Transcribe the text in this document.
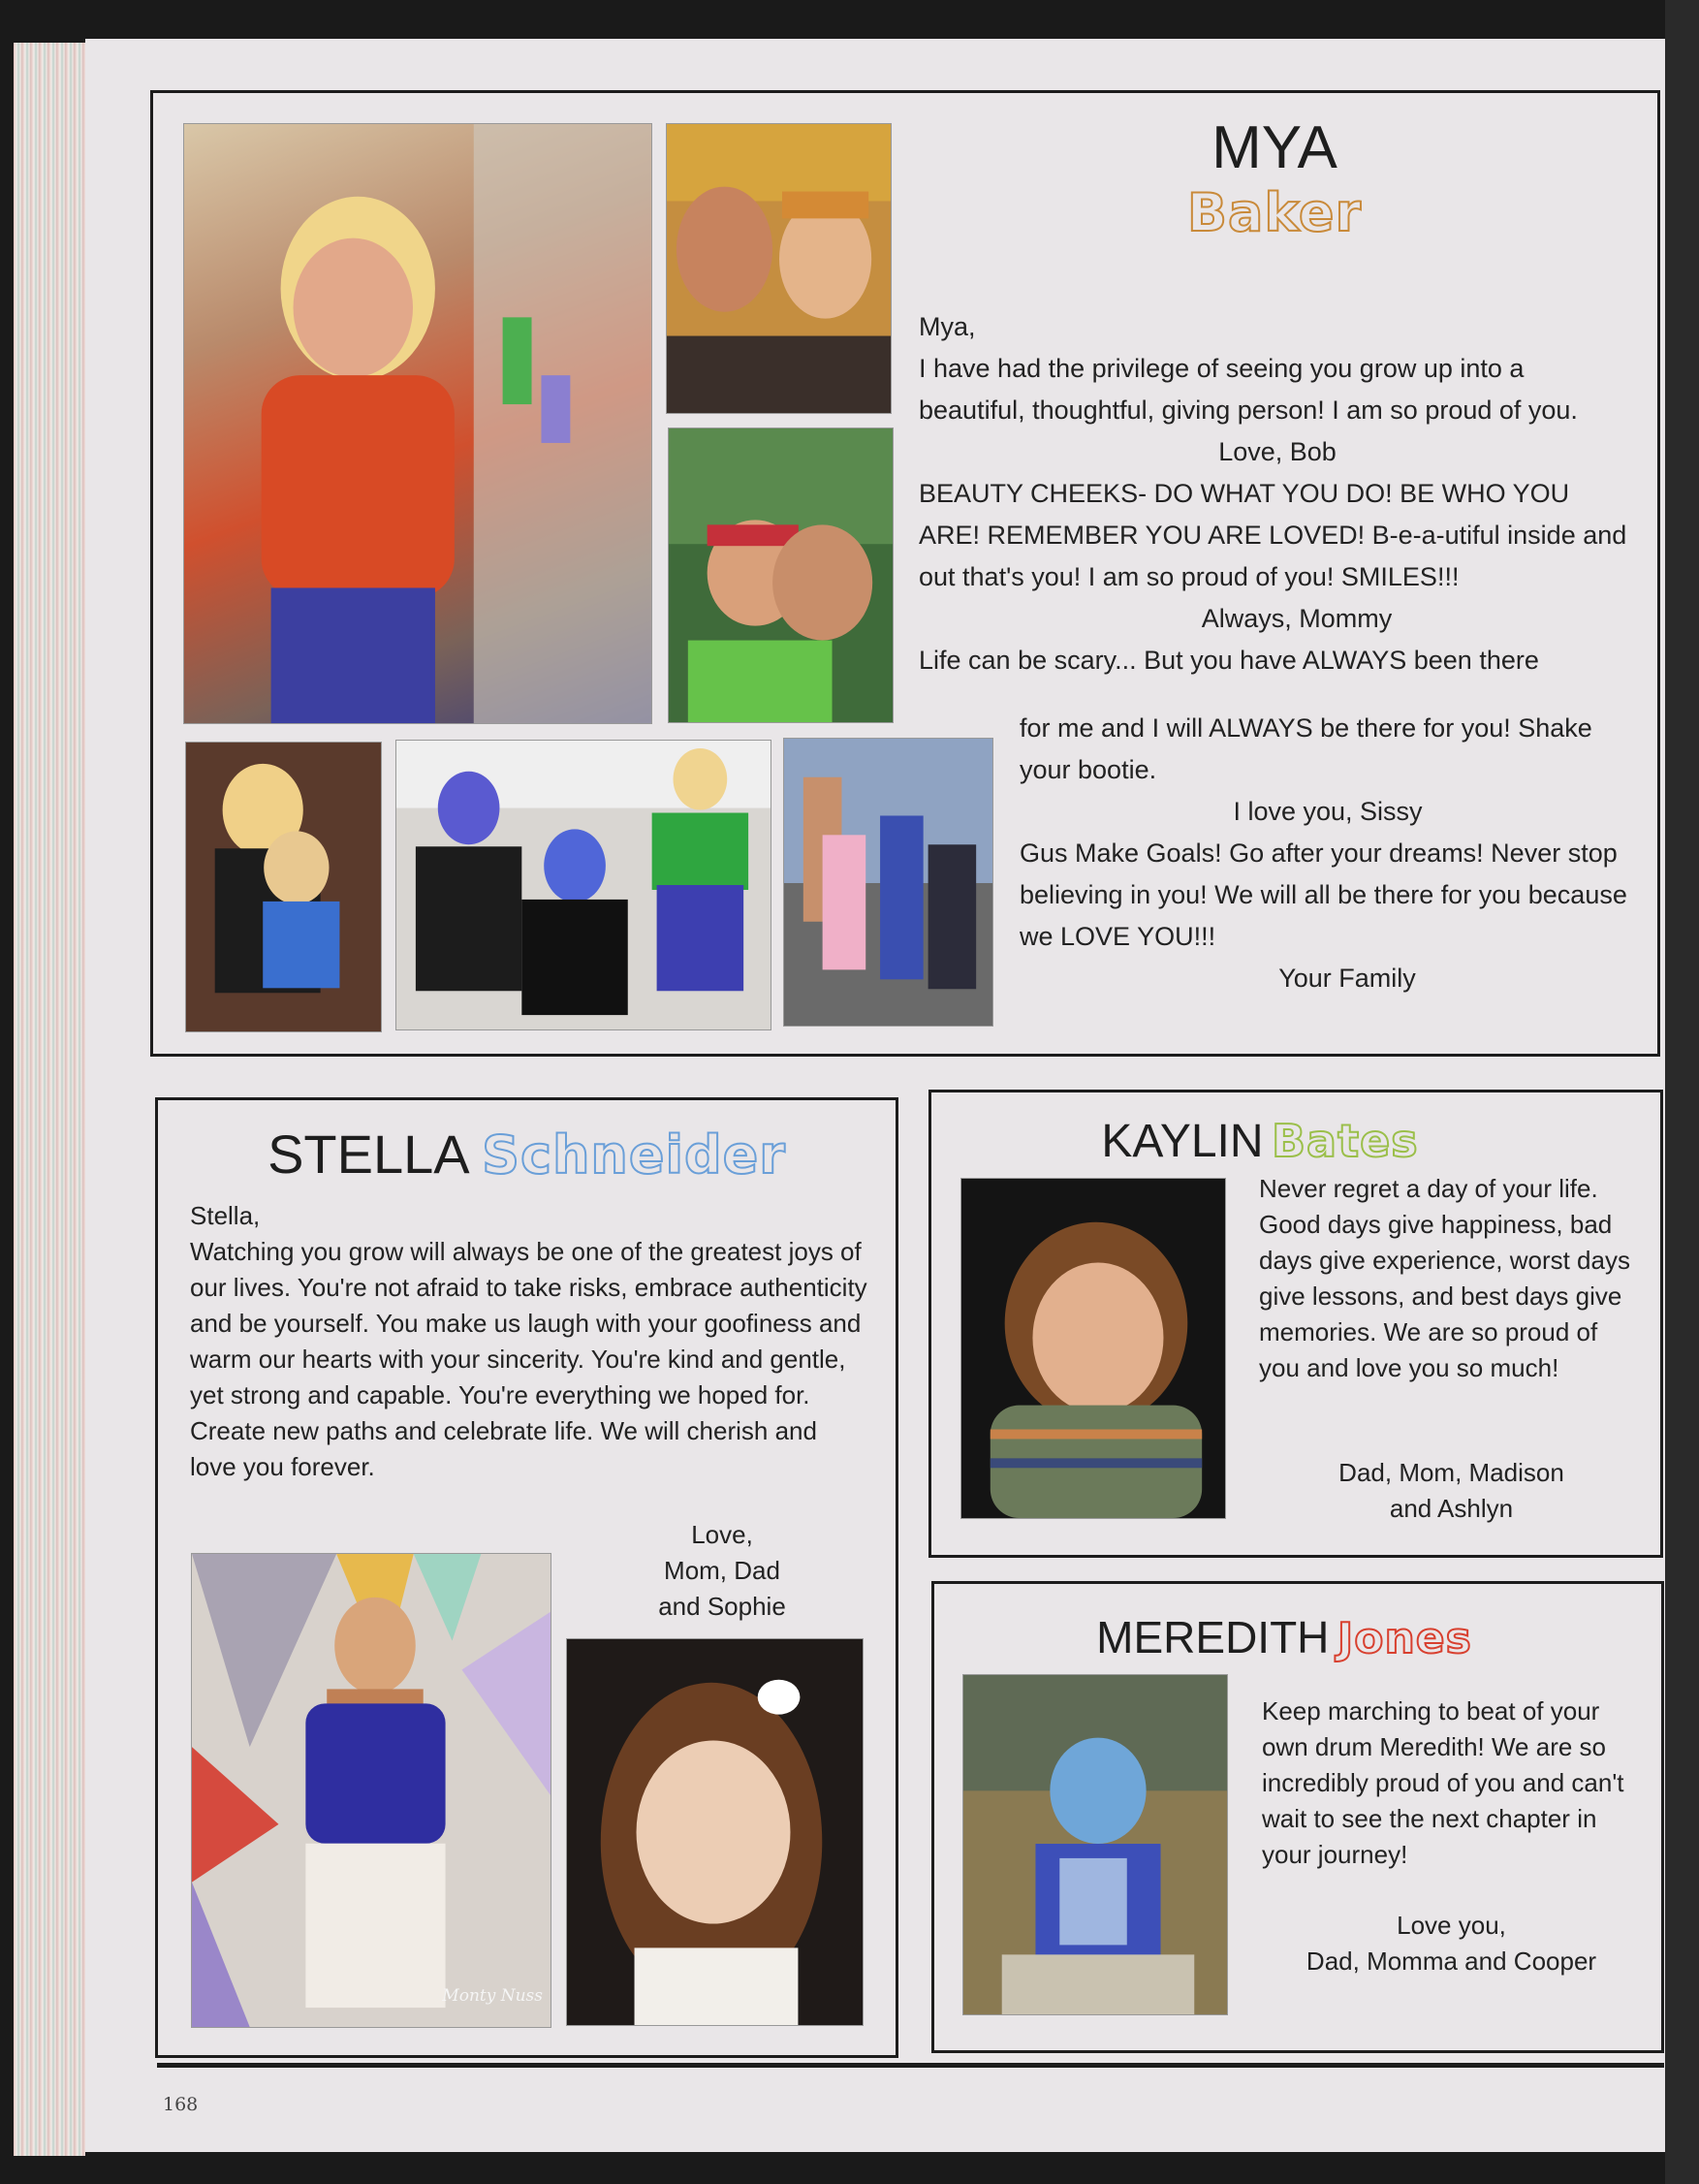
MYA
Baker

Mya,

I have had the privilege of seeing you grow up into a beautiful, thoughtful, giving person! I am so proud of you.

Love, Bob

BEAUTY CHEEKS- DO WHAT YOU DO! BE WHO YOU ARE! REMEMBER YOU ARE LOVED! B-e-a-utiful inside and out that's you! I am so proud of you! SMILES!!!

Always, Mommy

Life can be scary... But you have ALWAYS been there

for me and I will ALWAYS be there for you! Shake your bootie.

I love you, Sissy

Gus Make Goals! Go after your dreams! Never stop believing in you! We will all be there for you because we LOVE YOU!!!

Your Family

STELLA Schneider

Stella,

Watching you grow will always be one of the greatest joys of our lives. You're not afraid to take risks, embrace authenticity and be yourself. You make us laugh with your goofiness and warm our hearts with your sincerity. You're kind and gentle, yet strong and capable. You're everything we hoped for. Create new paths and celebrate life. We will cherish and love you forever.

Love,

Mom, Dad

and Sophie

Monty Nuss
KAYLIN Bates
Never regret a day of your life. Good days give happiness, bad days give experience, worst days give lessons, and best days give memories. We are so proud of you and love you so much!

Dad, Mom, Madison

and Ashlyn

MEREDITH Jones
Keep marching to beat of your own drum Meredith! We are so incredibly proud of you and can't wait to see the next chapter in your journey!

Love you,

Dad, Momma and Cooper

168
